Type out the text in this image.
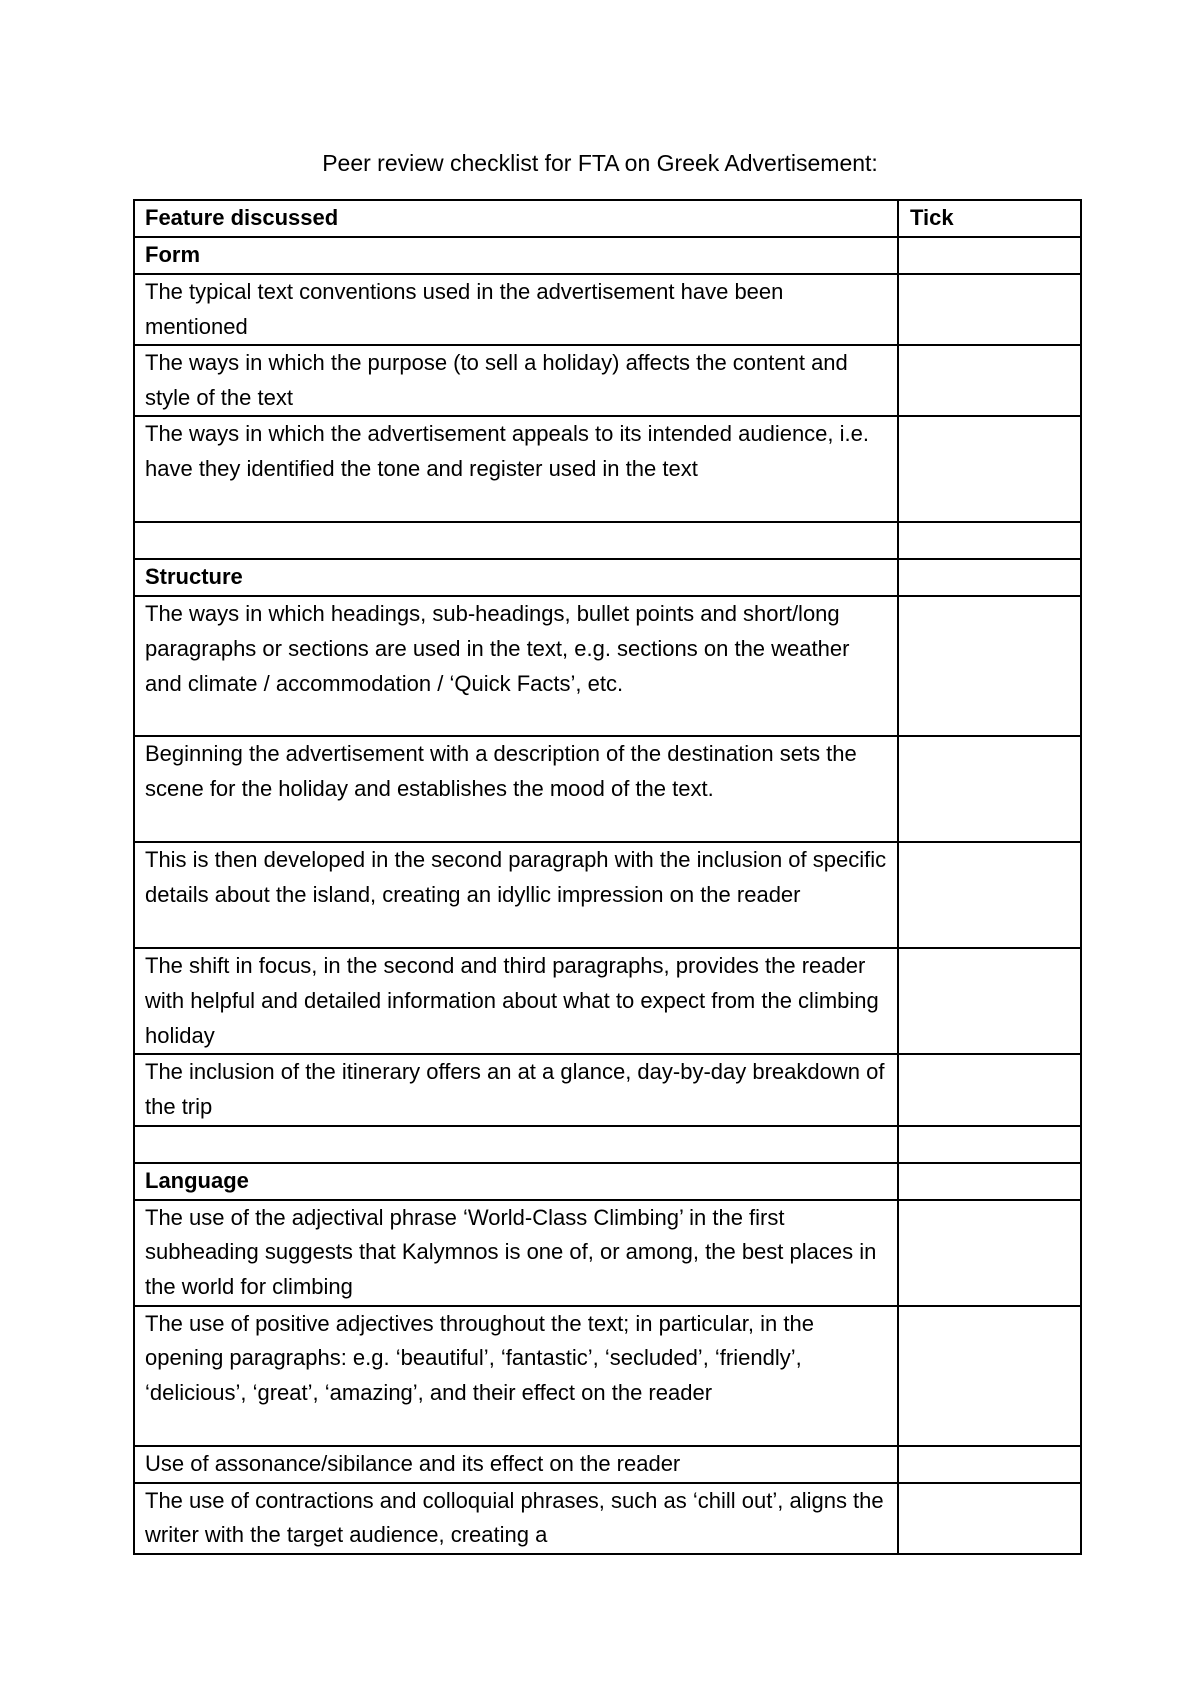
Peer review checklist for FTA on Greek Advertisement:
Feature discussed	Tick
Form	
The typical text conventions used in the advertisement have been mentioned	
The ways in which the purpose (to sell a holiday) affects the content and style of the text	
The ways in which the advertisement appeals to its intended audience, i.e. have they identified the tone and register used in the text	

Structure	
The ways in which headings, sub-headings, bullet points and short/long paragraphs or sections are used in the text, e.g. sections on the weather and climate / accommodation / ‘Quick Facts’, etc.	
Beginning the advertisement with a description of the destination sets the scene for the holiday and establishes the mood of the text.	
This is then developed in the second paragraph with the inclusion of specific details about the island, creating an idyllic impression on the reader	
The shift in focus, in the second and third paragraphs, provides the reader with helpful and detailed information about what to expect from the climbing holiday	
The inclusion of the itinerary offers an at a glance, day-by-day breakdown of the trip	

Language	
The use of the adjectival phrase ‘World-Class Climbing’ in the first subheading suggests that Kalymnos is one of, or among, the best places in the world for climbing	
The use of positive adjectives throughout the text; in particular, in the opening paragraphs: e.g. ‘beautiful’, ‘fantastic’, ‘secluded’, ‘friendly’, ‘delicious’, ‘great’, ‘amazing’, and their effect on the reader	
Use of assonance/sibilance and its effect on the reader	
The use of contractions and colloquial phrases, such as ‘chill out’, aligns the writer with the target audience, creating a	
